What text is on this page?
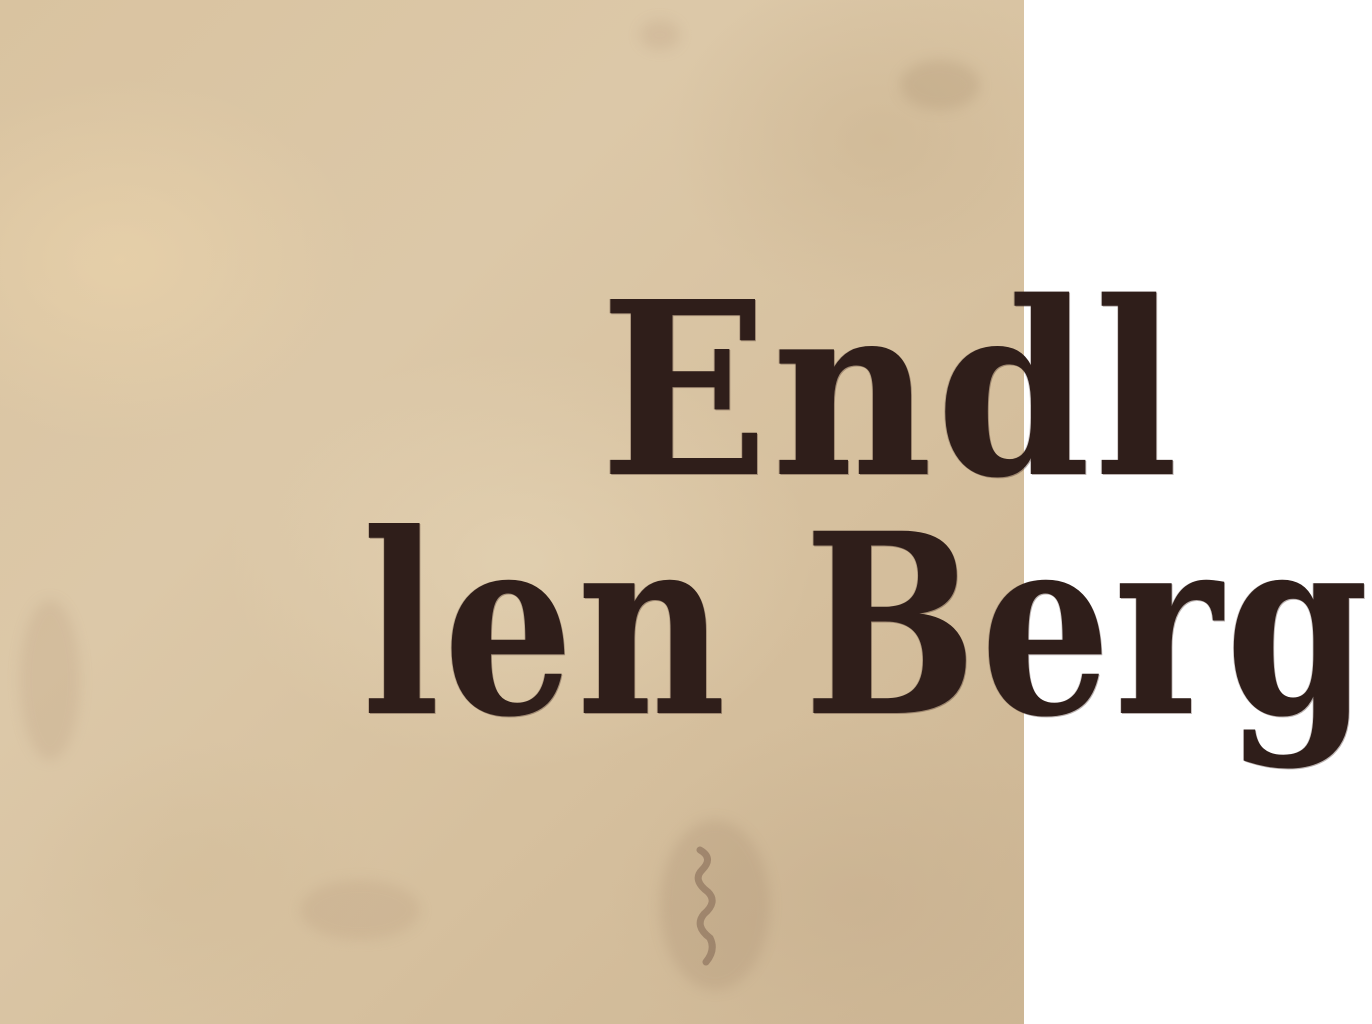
Endl

len Berg
